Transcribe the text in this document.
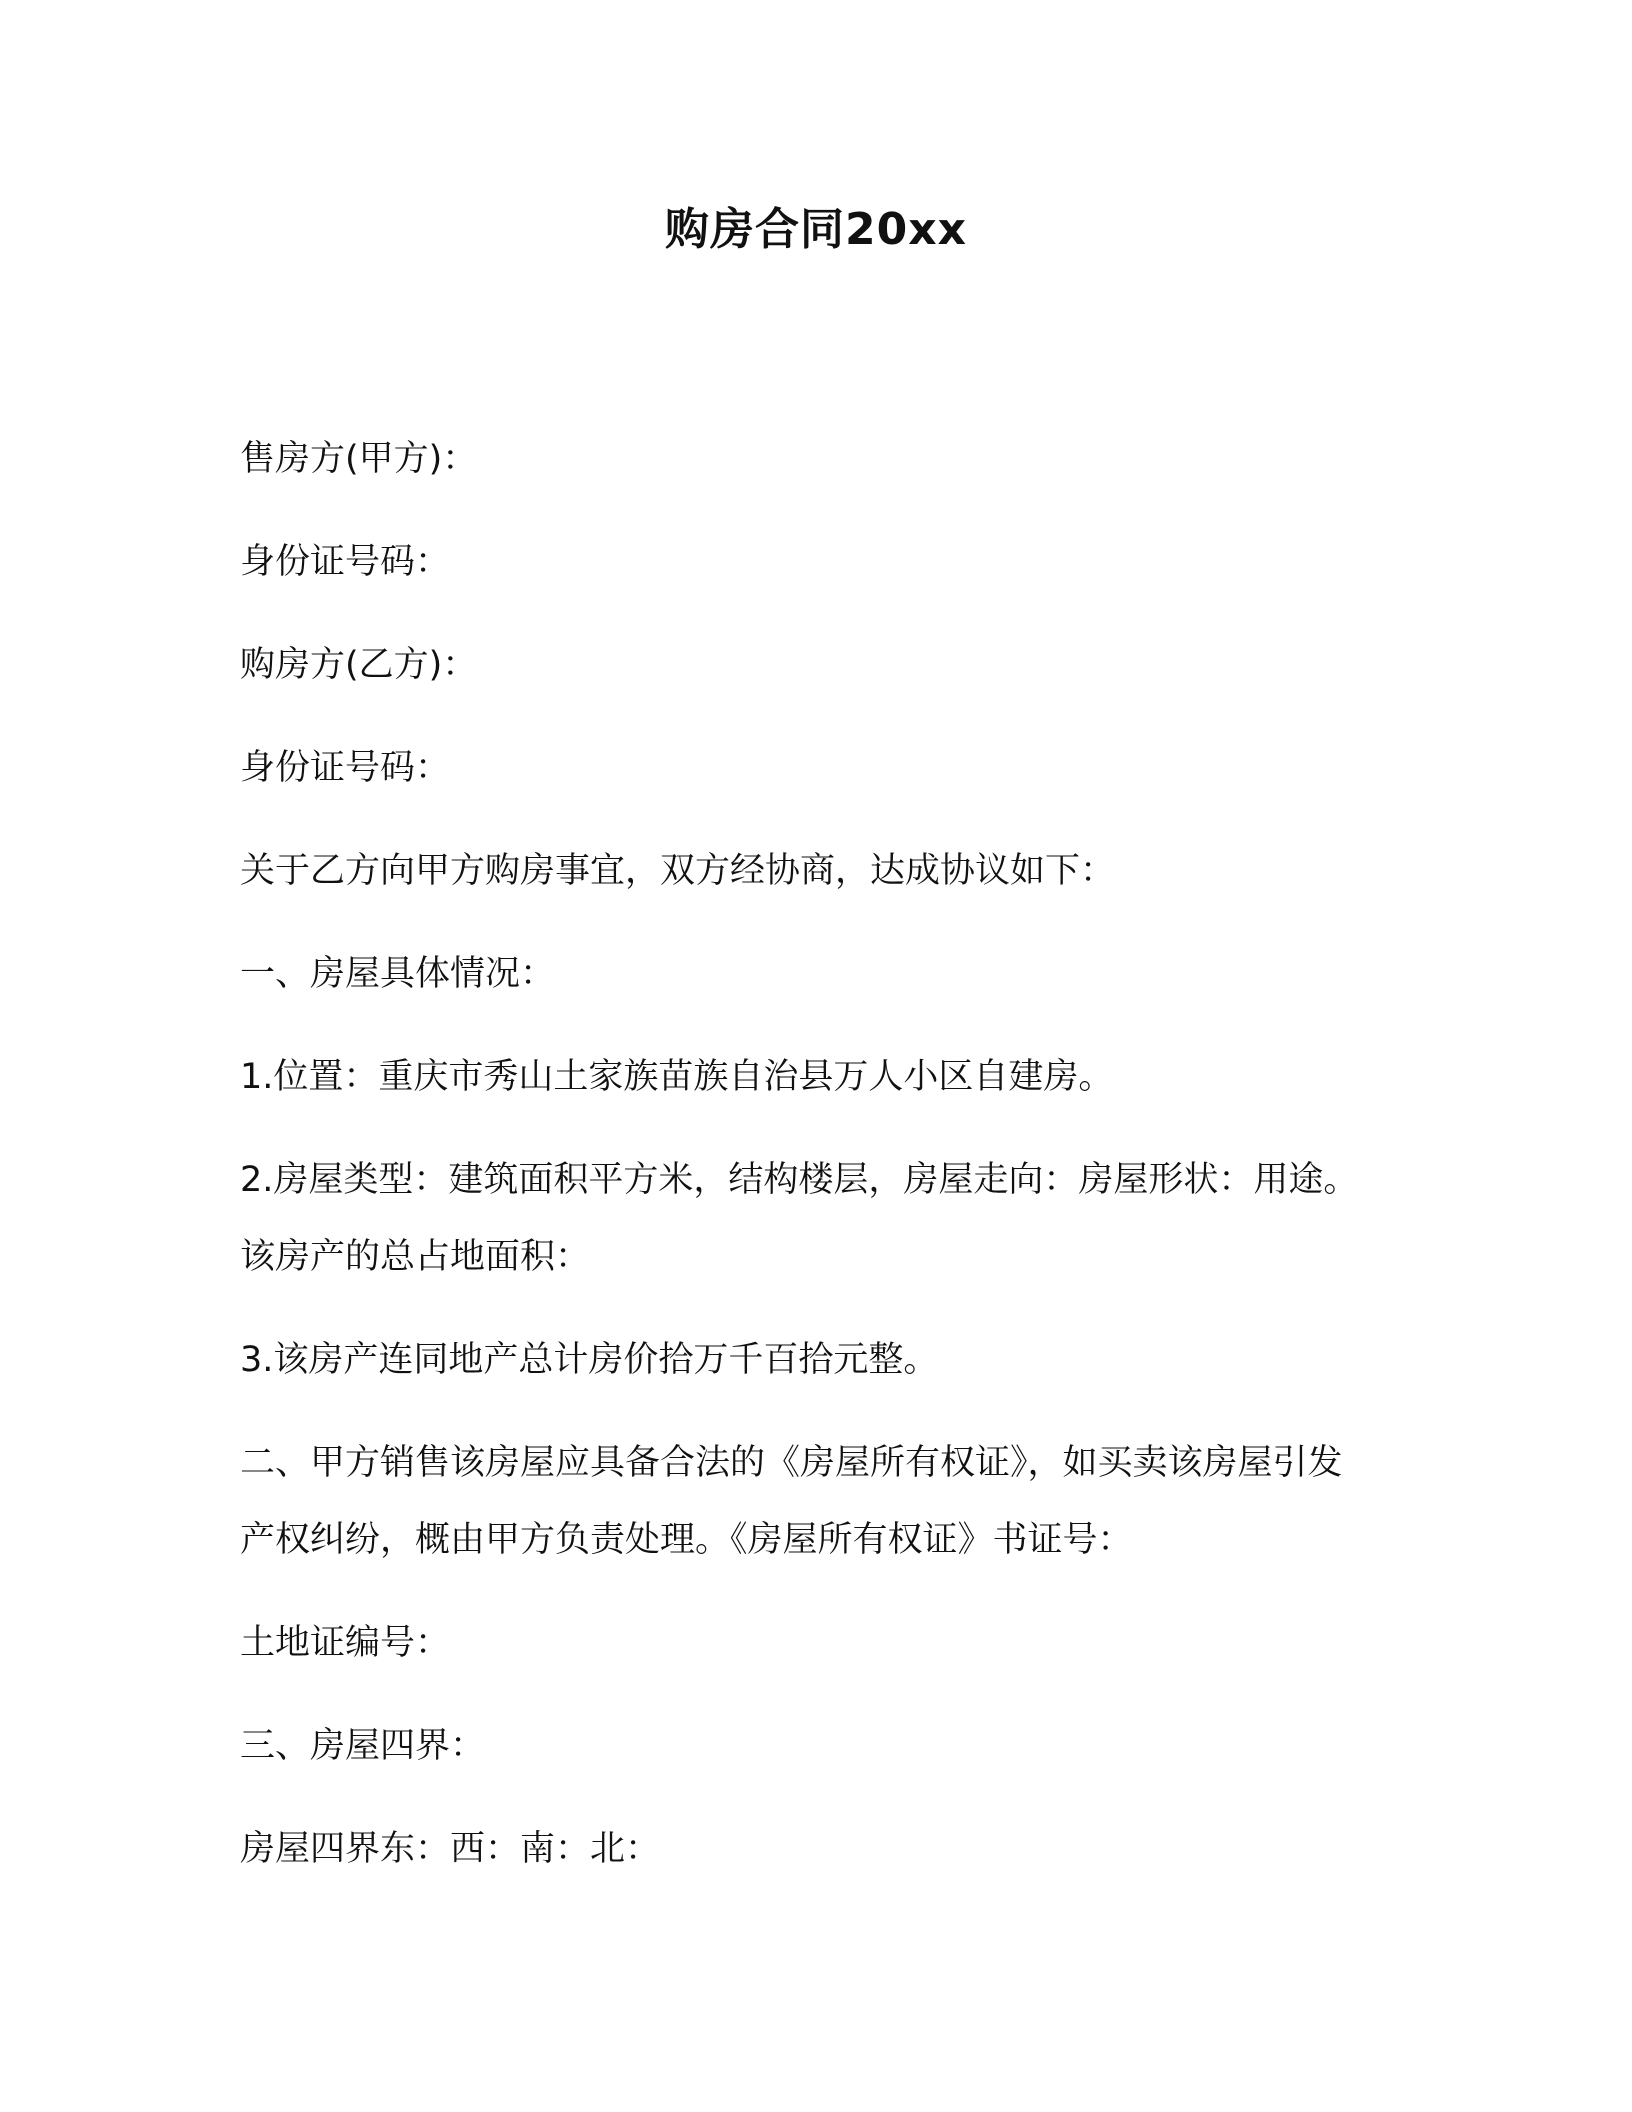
购房合同20xx

售房方(甲方)：

身份证号码：

购房方(乙方)：

身份证号码：

关于乙方向甲方购房事宜，双方经协商，达成协议如下：

一、房屋具体情况：

1.位置：重庆市秀山土家族苗族自治县万人小区自建房。

2.房屋类型：建筑面积平方米，结构楼层，房屋走向：房屋形状：用途。该房产的总占地面积：

3.该房产连同地产总计房价拾万千百拾元整。

二、甲方销售该房屋应具备合法的《房屋所有权证》，如买卖该房屋引发产权纠纷，概由甲方负责处理。《房屋所有权证》书证号：

土地证编号：

三、房屋四界：

房屋四界东：西：南：北：
